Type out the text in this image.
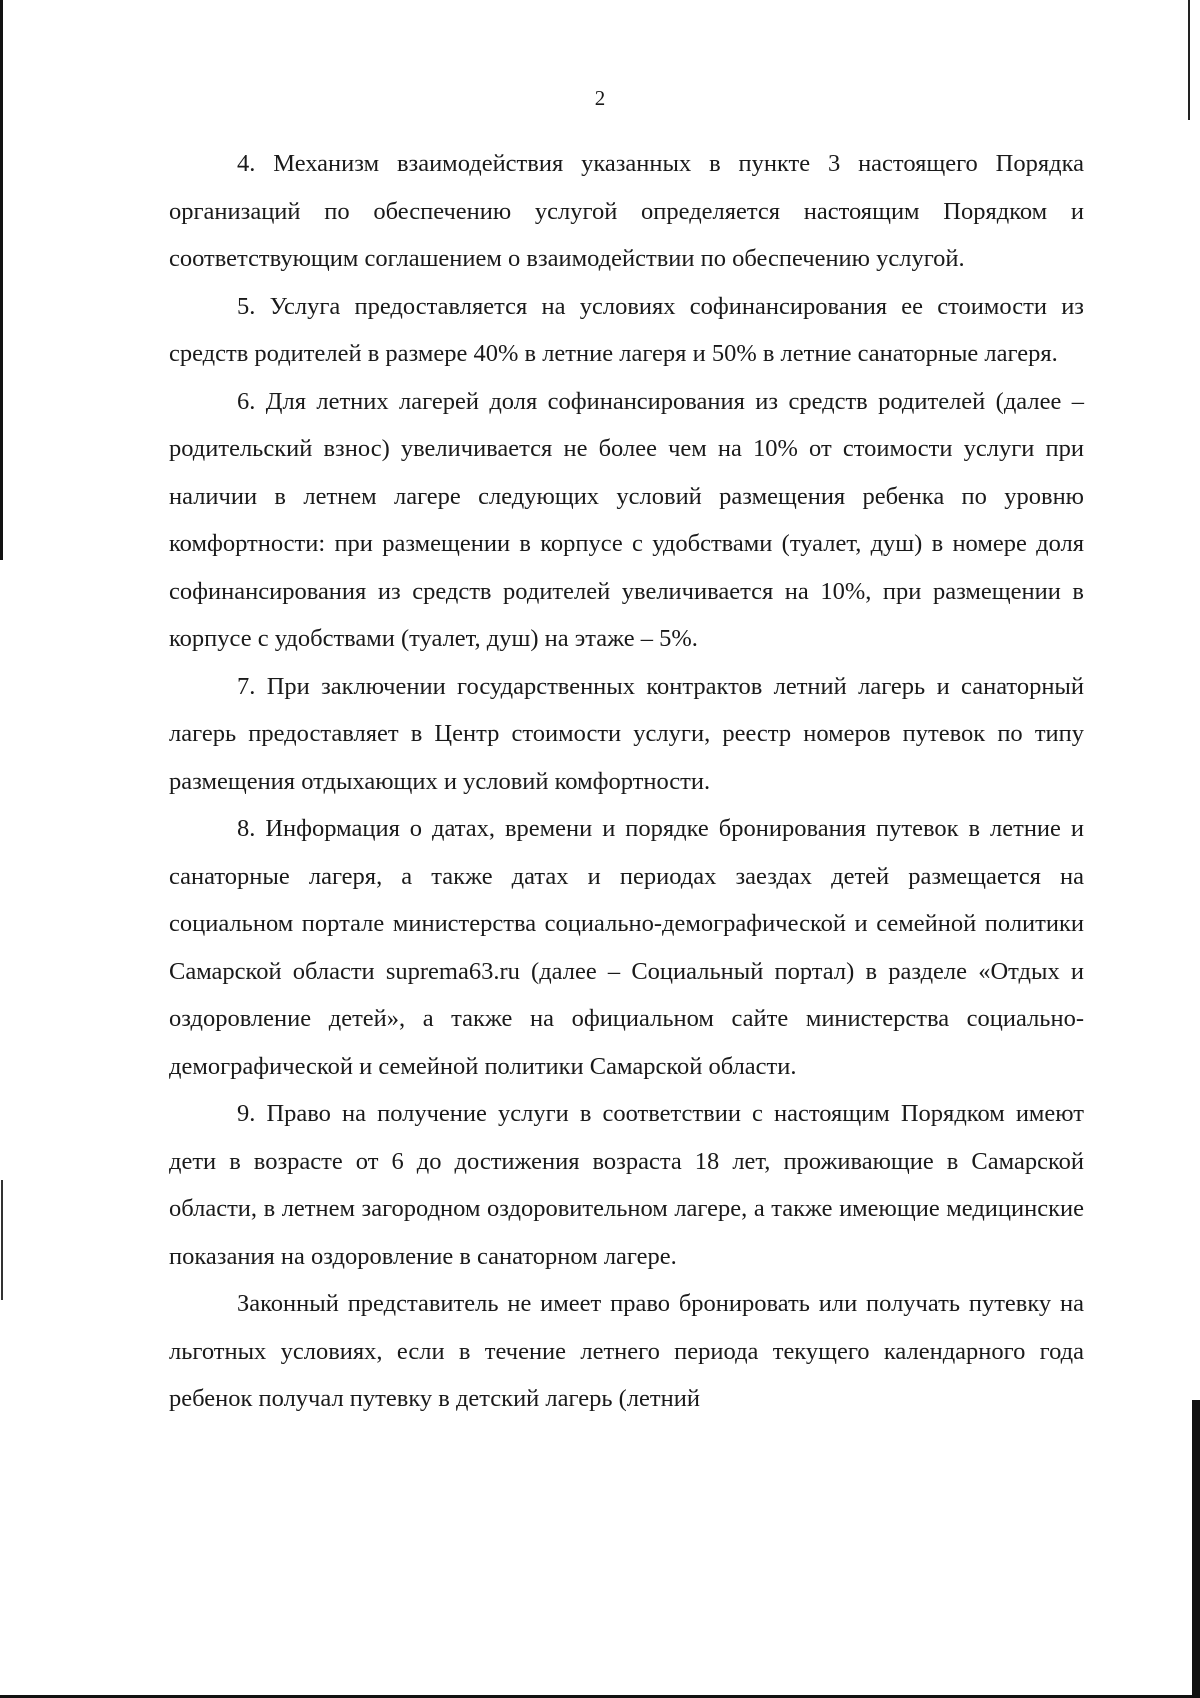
2

4. Механизм взаимодействия указанных в пункте 3 настоящего Порядка организаций по обеспечению услугой определяется настоящим Порядком и соответствующим соглашением о взаимодействии по обеспечению услугой.

5. Услуга предоставляется на условиях софинансирования ее стоимости из средств родителей в размере 40% в летние лагеря и 50% в летние санаторные лагеря.

6. Для летних лагерей доля софинансирования из средств родителей (далее – родительский взнос) увеличивается не более чем на 10% от стоимости услуги при наличии в летнем лагере следующих условий размещения ребенка по уровню комфортности: при размещении в корпусе с удобствами (туалет, душ) в номере доля софинансирования из средств родителей увеличивается на 10%, при размещении в корпусе с удобствами (туалет, душ) на этаже – 5%.

7. При заключении государственных контрактов летний лагерь и санаторный лагерь предоставляет в Центр стоимости услуги, реестр номеров путевок по типу размещения отдыхающих и условий комфортности.

8. Информация о датах, времени и порядке бронирования путевок в летние и санаторные лагеря, а также датах и периодах заездах детей размещается на социальном портале министерства социально-демографической и семейной политики Самарской области suprema63.ru (далее – Социальный портал) в разделе «Отдых и оздоровление детей», а также на официальном сайте министерства социально-демографической и семейной политики Самарской области.

9. Право на получение услуги в соответствии с настоящим Порядком имеют дети в возрасте от 6 до достижения возраста 18 лет, проживающие в Самарской области, в летнем загородном оздоровительном лагере, а также имеющие медицинские показания на оздоровление в санаторном лагере.

Законный представитель не имеет право бронировать или получать путевку на льготных условиях, если в течение летнего периода текущего календарного года ребенок получал путевку в детский лагерь (летний
